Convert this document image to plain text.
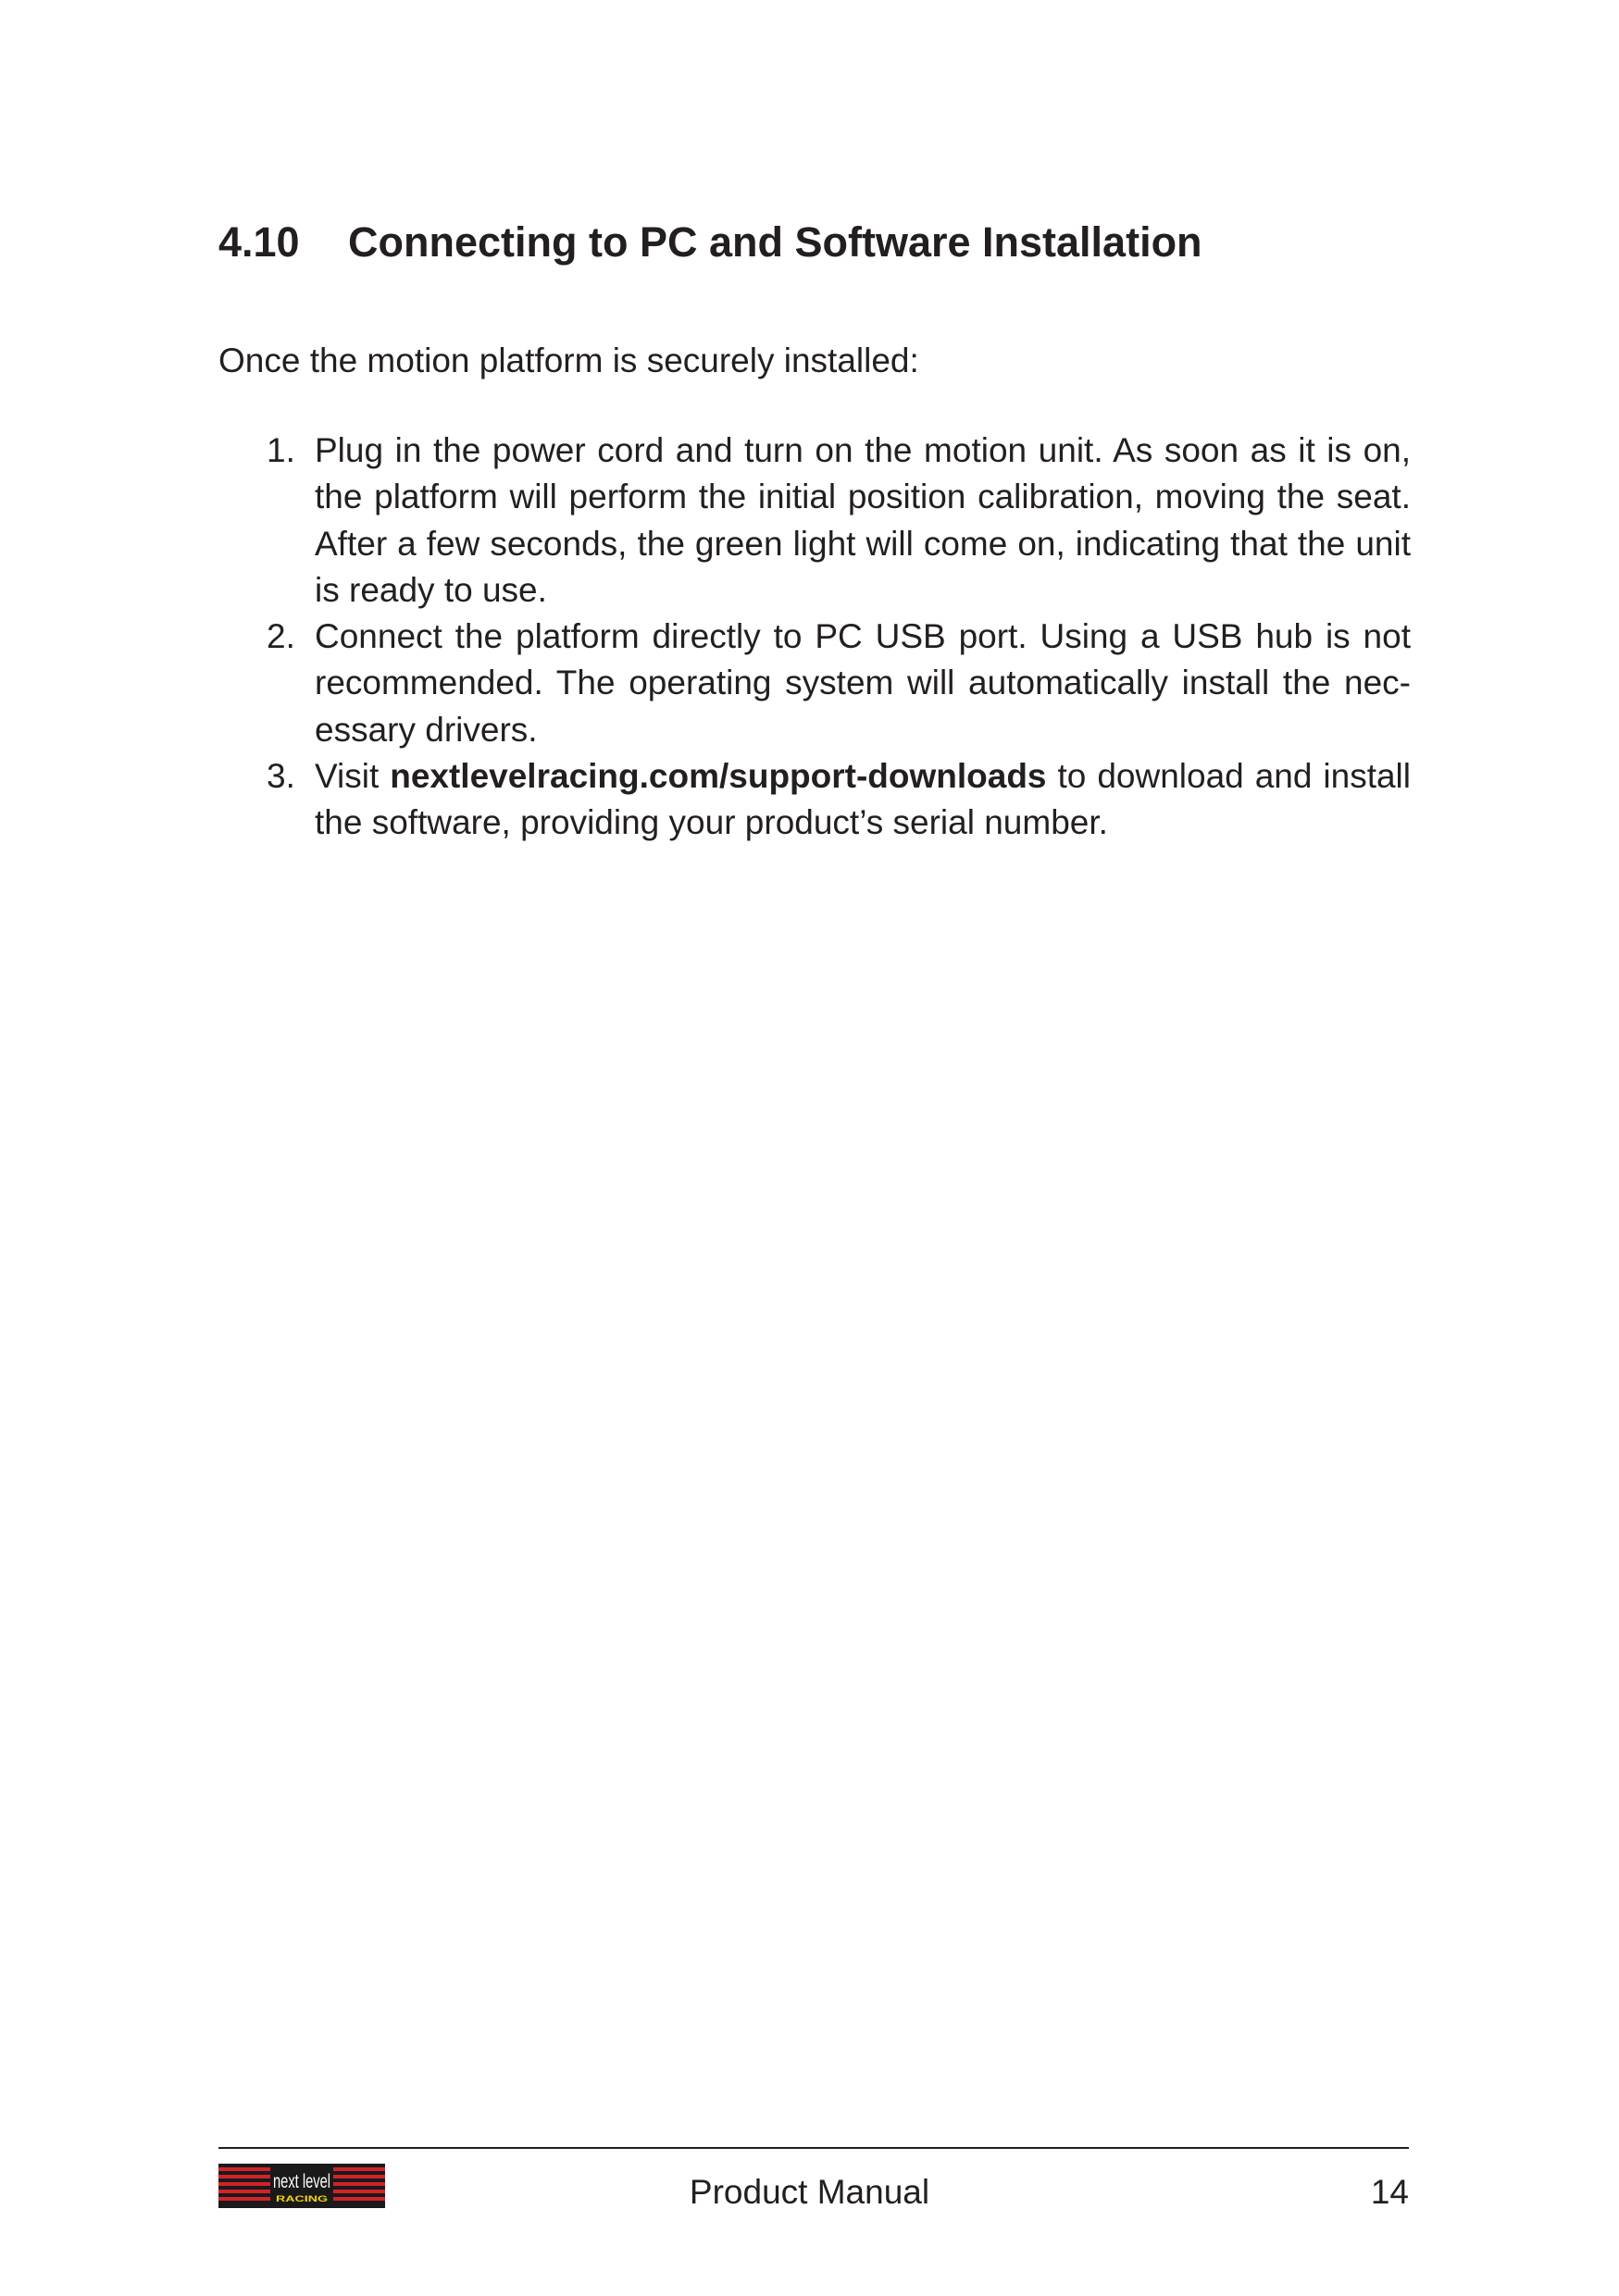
4.10 Connecting to PC and Software Installation

Once the motion platform is securely installed:

1. Plug in the power cord and turn on the motion unit. As soon as it is on, the platform will perform the initial position calibration, moving the seat. After a few seconds, the green light will come on, indicating that the unit is ready to use.
2. Connect the platform directly to PC USB port. Using a USB hub is not recommended. The operating system will automatically install the nec-essary drivers.
3. Visit nextlevelracing.com/support-downloads to download and install the software, providing your product’s serial number.
next level
RACING	Product Manual	14
